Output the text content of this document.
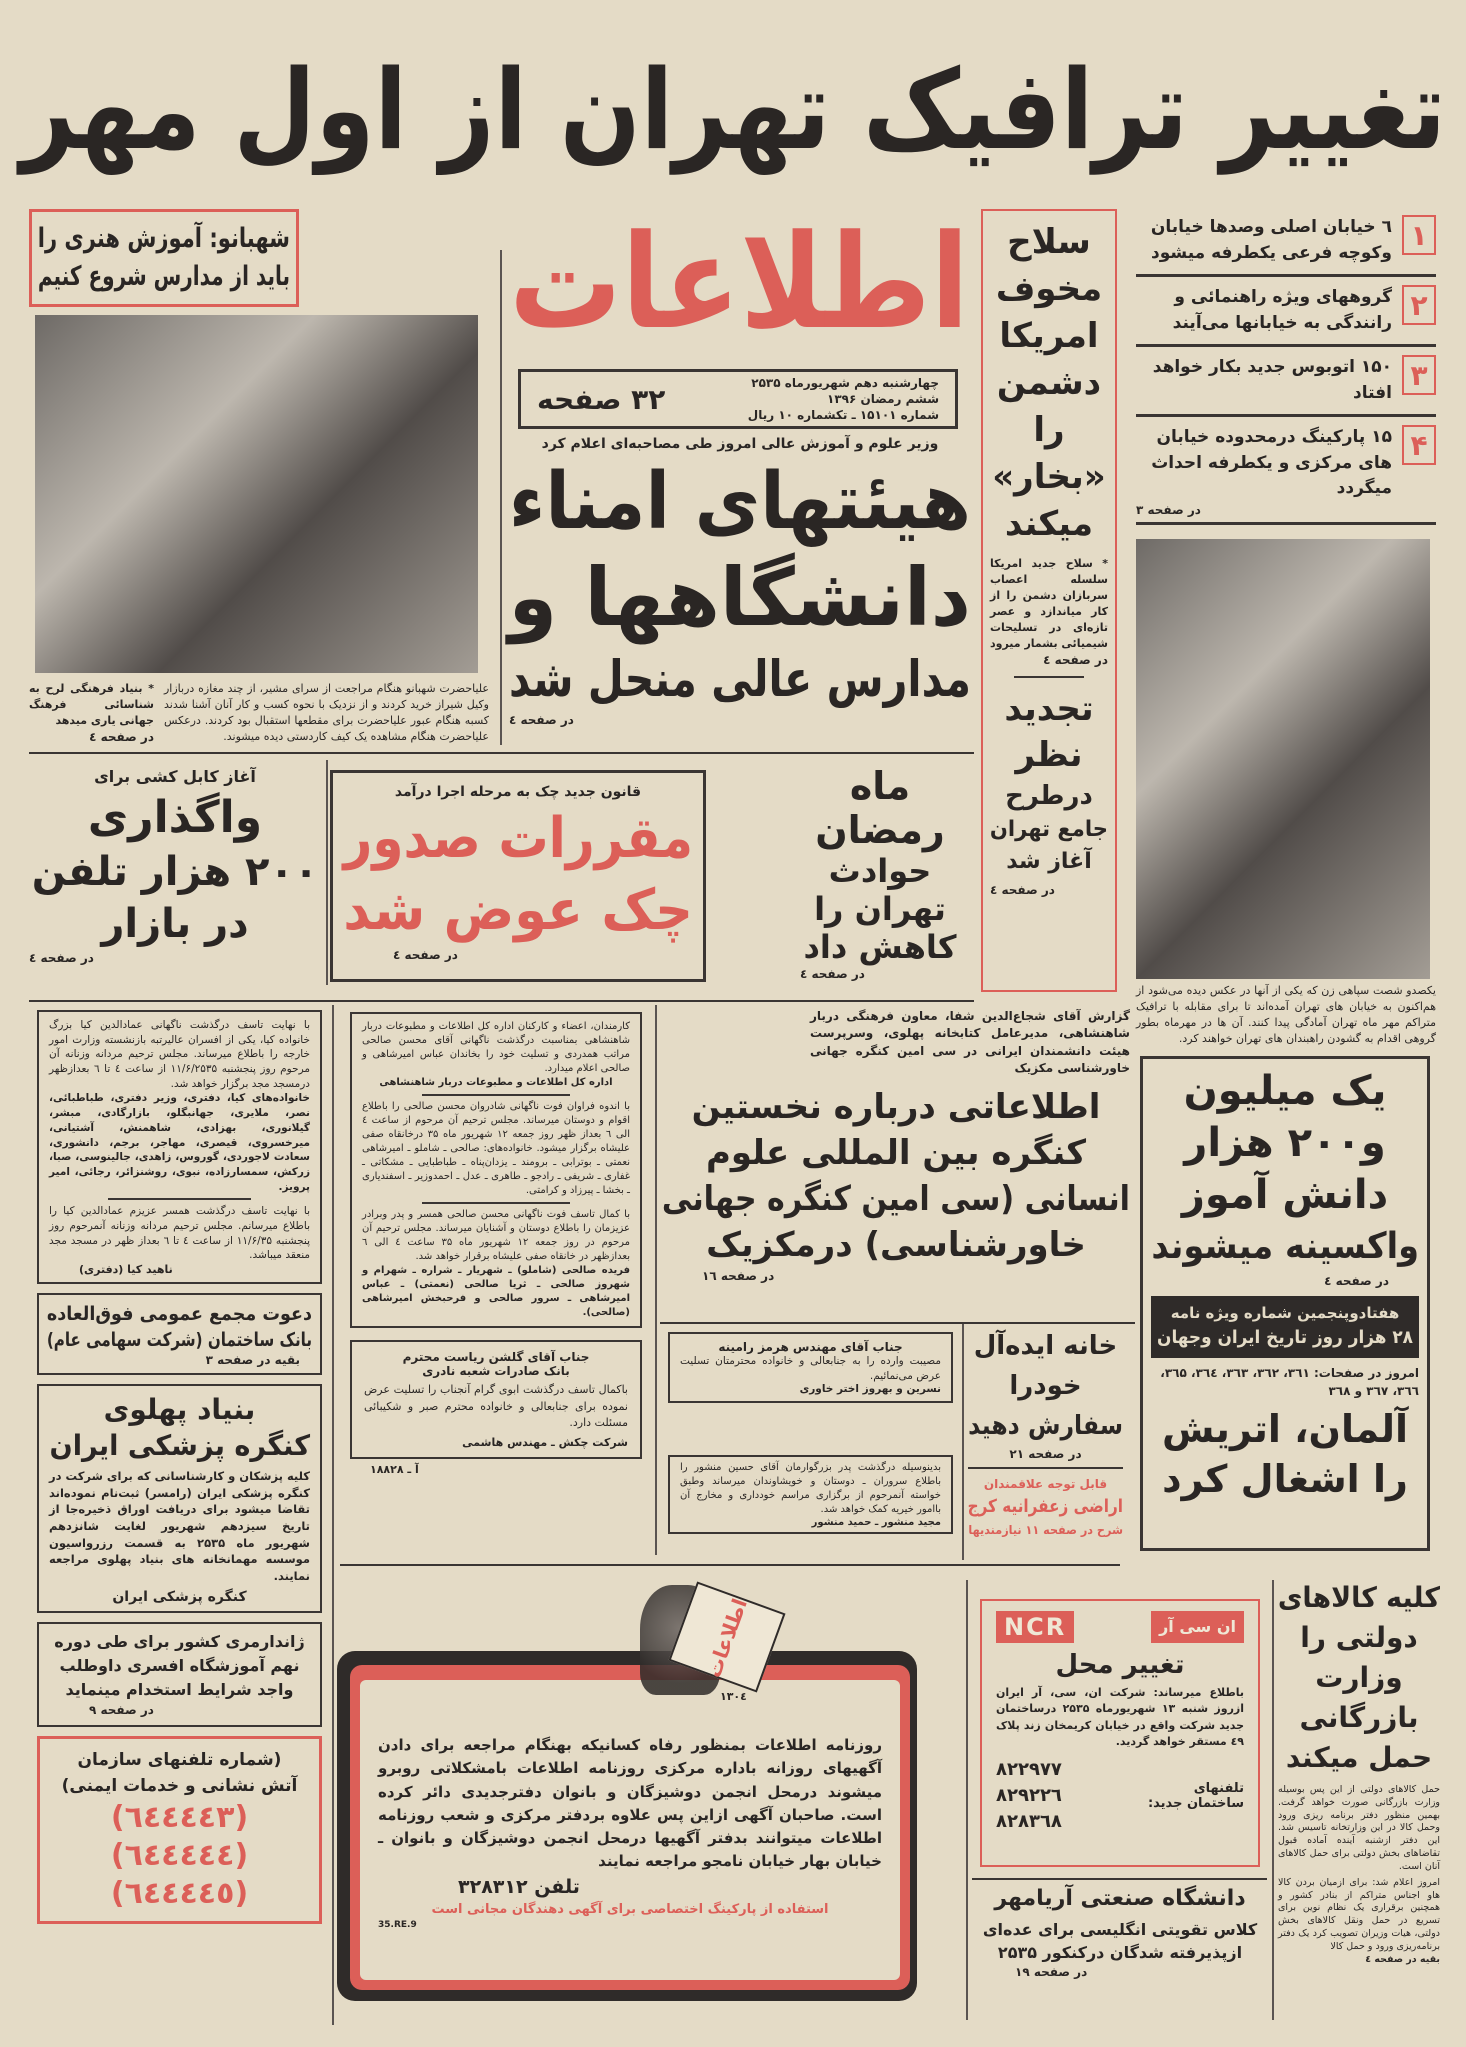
تغییر ترافیک تهران از اول مهر
شهبانو: آموزش هنری را
باید از مدارس شروع کنیم
علیاحضرت شهبانو هنگام مراجعت از سرای مشیر، از چند مغازه دربازار وکیل شیراز خرید کردند و از نزدیک با نحوه کسب و کار آنان آشنا شدند کسبه هنگام عبور علیاحضرت برای مقطعها استقبال بود کردند. درعکس علیاحضرت هنگام مشاهده یک کیف کاردستی دیده میشوند.
* بنیاد فرهنگی لرح به شناسائی فرهنگ جهانی یاری میدهد
در صفحه ٤
اطلاعات
چهارشنبه دهم شهریورماه ۲۵۳۵
ششم رمضان ۱۳۹۶
شماره ۱۵۱۰۱ ـ تکشماره ۱۰ ریال
۳۲ صفحه
وزیر علوم و آموزش عالی امروز طی مصاحبه‌ای اعلام کرد
هیئتهای امناء
دانشگاهها و
مدارس عالی منحل شد
در صفحه ٤
سلاح
مخوف
امریکا
دشمن
را
«بخار»
میکند
* سلاح جدید امریکا سلسله اعصاب سربازان دشمن را از کار میاندازد و عصر تازه‌ای در تسلیحات شیمیائی بشمار میرود
در صفحه ٤
تجدید
نظر
درطرح
جامع تهران
آغاز شد
در صفحه ٤
١
٦ خیابان اصلی وصدها خیابان وکوچه فرعی یکطرفه میشود
٢
گروههای ویژه راهنمائی و رانندگی به خیابانها می‌آیند
٣
۱۵۰ اتوبوس جدید بکار خواهد افتاد
۴
۱۵ پارکینگ درمحدوده خیابان های مرکزی و یکطرفه احداث میگردد
در صفحه ۳
یکصدو شصت سپاهی زن که یکی از آنها در عکس دیده می‌شود از هم‌اکنون به خیابان های تهران آمده‌اند تا برای مقابله با ترافیک متراکم مهر ماه تهران آمادگی پیدا کنند. آن ها در مهرماه بطور گروهی اقدام به گشودن راهبندان های تهران خواهند کرد.
آغاز کابل کشی برای
واگذاری
۲۰۰ هزار تلفن
در بازار
در صفحه ٤
قانون جدید چک به مرحله اجرا درآمد
مقررات صدور
چک عوض شد
در صفحه ٤
ماه
رمضان
حوادث
تهران را
کاهش داد
در صفحه ٤
با نهایت تاسف درگذشت ناگهانی عمادالدین کیا بزرگ خانواده کیا، یکی از افسران عالیرتبه بازنشسته وزارت امور خارجه را باطلاع میرساند. مجلس ترحیم مردانه وزنانه آن مرحوم روز پنجشنبه ۱۱/۶/۲۵۳۵ از ساعت ٤ تا ٦ بعدازظهر درمسجد مجد برگزار خواهد شد.
خانواده‌های کیا، دفتری، وزیر دفتری، طباطبائی، نصر، ملایری، جهانبگلو، بازارگادی، مبشر، گیلانوری، بهزادی، شاهمنش، آشتیانی، میرخسروی، قیصری، مهاجر، برجم، دانشوری، سعادت لاجوردی، گوروس، زاهدی، جالینوسی، صبا، زرکش، سمسارزاده، نبوی، روشنزائر، رجائی، امیر پرویز.
با نهایت تاسف درگذشت همسر عزیزم عمادالدین کیا را باطلاع میرسانم. مجلس ترحیم مردانه وزنانه آنمرحوم روز پنجشنبه ۱۱/۶/۳۵ از ساعت ٤ تا ٦ بعداز ظهر در مسجد مجد منعقد میباشد.
ناهید کیا (دفتری)
دعوت مجمع عمومی فوق‌العاده
بانک ساختمان (شرکت سهامی عام)
بقیه در صفحه ۳
بنیاد پهلوی
کنگره پزشکی ایران
کلیه پزشکان و کارشناسانی که برای شرکت در کنگره پزشکی ایران (رامسر) ثبت‌نام نموده‌اند تقاضا میشود برای دریافت اوراق ذخیره‌جا از تاریخ سیزدهم شهریور لغایت شانزدهم شهریور ماه ۲۵۳۵ به قسمت رزرواسیون موسسه مهمانخانه های بنیاد پهلوی مراجعه نمایند.
کنگره پزشکی ایران
ژاندارمری کشور برای طی دوره نهم آموزشگاه افسری داوطلب واجد شرایط استخدام مینماید
در صفحه ۹
(شماره تلفنهای سازمان
آتش نشانی و خدمات ایمنی)
(٦٤٤٤٤٣)
(٦٤٤٤٤٤)
(٦٤٤٤٤٥)
کارمندان، اعضاء و کارکنان اداره کل اطلاعات و مطبوعات دربار شاهنشاهی بمناسبت درگذشت ناگهانی آقای محسن صالحی مراتب همدردی و تسلیت خود را بخاندان عباس امیرشاهی و صالحی اعلام میدارد.
اداره کل اطلاعات و مطبوعات دربار شاهنشاهی
با اندوه فراوان فوت ناگهانی شادروان محسن صالحی را باطلاع اقوام و دوستان میرساند. مجلس ترحیم آن مرحوم از ساعت ٤ الی ٦ بعداز ظهر روز جمعه ۱۲ شهریور ماه ۳۵ درخانقاه صفی علیشاه برگزار میشود. خانواده‌های: صالحی ـ شاملو ـ امیرشاهی نعمتی ـ بوترابی ـ برومند ـ یزدان‌پناه ـ طباطبایی ـ مشکاتی ـ غفاری ـ شریفی ـ رادجو ـ طاهری ـ عدل ـ احمدوزیر ـ اسفندیاری ـ بخشا ـ پیرزاد و کرامتی.
با کمال تاسف فوت ناگهانی محسن صالحی همسر و پدر وبرادر عزیزمان را باطلاع دوستان و آشنایان میرساند. مجلس ترحیم آن مرحوم در روز جمعه ۱۲ شهریور ماه ۳۵ ساعت ٤ الی ٦ بعدازظهر در خانقاه صفی علیشاه برقرار خواهد شد.
فریده صالحی (شاملو) ـ شهریار ـ شراره ـ شهرام و شهروز صالحی ـ ثریا صالحی (نعمتی) ـ عباس امیرشاهی ـ سرور صالحی و فرحبخش امیرشاهی (صالحی).
جناب آقای گلشن ریاست محترم
بانک صادرات شعبه نادری
باکمال تاسف درگذشت ابوی گرام آنجناب را تسلیت عرض نموده برای جنابعالی و خانواده محترم صبر و شکیبائی مسئلت دارد.
شرکت چکش ـ مهندس هاشمی
آ ـ ۱۸۸۲۸
گزارش آقای شجاع‌الدین شفا، معاون فرهنگی دربار شاهنشاهی، مدیرعامل کتابخانه پهلوی، وسرپرست هیئت دانشمندان ایرانی در سی امین کنگره جهانی خاورشناسی مکزیک
اطلاعاتی درباره نخستین
کنگره بین المللی علوم
انسانی (سی امین کنگره جهانی
خاورشناسی) درمکزیک
در صفحه ۱٦
جناب آقای مهندس هرمز رامینه
مصیبت وارده را به جنابعالی و خانواده محترمتان تسلیت عرض می‌نمائیم.
نسرین و بهروز اختر خاوری
بدینوسیله درگذشت پدر بزرگوارمان آقای حسین منشور را باطلاع سروران ـ دوستان و خویشاوندان میرساند وطبق خواسته آنمرحوم از برگزاری مراسم خودداری و مخارج آن باامور خیریه کمک خواهد شد.
مجید منشور ـ حمید منشور
خانه ایده‌آل
خودرا
سفارش دهید
در صفحه ۲۱
قابل توجه علاقمندان
اراضی زعفرانیه کرج
شرح در صفحه ۱۱ نیازمندیها
یک میلیون
و۲۰۰ هزار
دانش آموز
واکسینه میشوند
در صفحه ٤
هفتادوپنجمین شماره ویژه نامه
۲۸ هزار روز تاریخ ایران وجهان
امروز در صفحات: ۳٦۱، ۳٦۲، ۳٦۳، ۳٦٤، ۳٦۵، ۳٦٦، ۳٦۷ و ۳٦۸
آلمان، اتریش
را اشغال کرد
روزنامه اطلاعات بمنظور رفاه کسانیکه بهنگام مراجعه برای دادن آگهیهای روزانه باداره مرکزی روزنامه اطلاعات بامشکلاتی روبرو میشوند درمحل انجمن دوشیزگان و بانوان دفترجدیدی دائر کرده است. صاحبان آگهی ازاین پس علاوه بردفتر مرکزی و شعب روزنامه اطلاعات میتوانند بدفتر آگهیها درمحل انجمن دوشیزگان و بانوان ـ خیابان بهار خیابان نامجو مراجعه نمایند
تلفن ۳۲۸۳۱۲
استفاده از پارکینگ اختصاصی برای آگهی دهندگان مجانی است
35.RE.9
اطلاعات
۱۳۰٤
NCR	ان سی آر
تغییر محل
باطلاع میرساند: شرکت ان، سی، آر ایران ازروز شنبه ۱۳ شهریورماه ۲۵۳۵ درساختمان جدید شرکت واقع در خیابان کریمخان زند پلاک ٤۹ مستقر خواهد گردید.
تلفنهای ساختمان جدید:
۸۲۲۹۷۷
۸۲۹۲۲٦
۸۲۸۳٦۸
دانشگاه صنعتی آریامهر
کلاس تقویتی انگلیسی برای عده‌ای ازپذیرفته شدگان درکنکور ۲۵۳۵
در صفحه ۱۹
کلیه کالاهای
دولتی را
وزارت
بازرگانی
حمل میکند
حمل کالاهای دولتی از این پس بوسیله وزارت بازرگانی صورت خواهد گرفت. بهمین منظور دفتر برنامه ریزی ورود وحمل کالا در این وزارتخانه تاسیس شد. این دفتر ازشنبه آینده آماده قبول تقاضاهای بخش دولتی برای حمل کالاهای آنان است.
امروز اعلام شد: برای ازمیان بردن کالا هاو اجناس متراکم از بنادر کشور و همچنین برقراری یک نظام نوین برای تسریع در حمل ونقل کالاهای بخش دولتی، هیات وزیران تصویب کرد یک دفتر برنامه‌ریزی ورود و حمل کالا
بقیه در صفحه ٤
